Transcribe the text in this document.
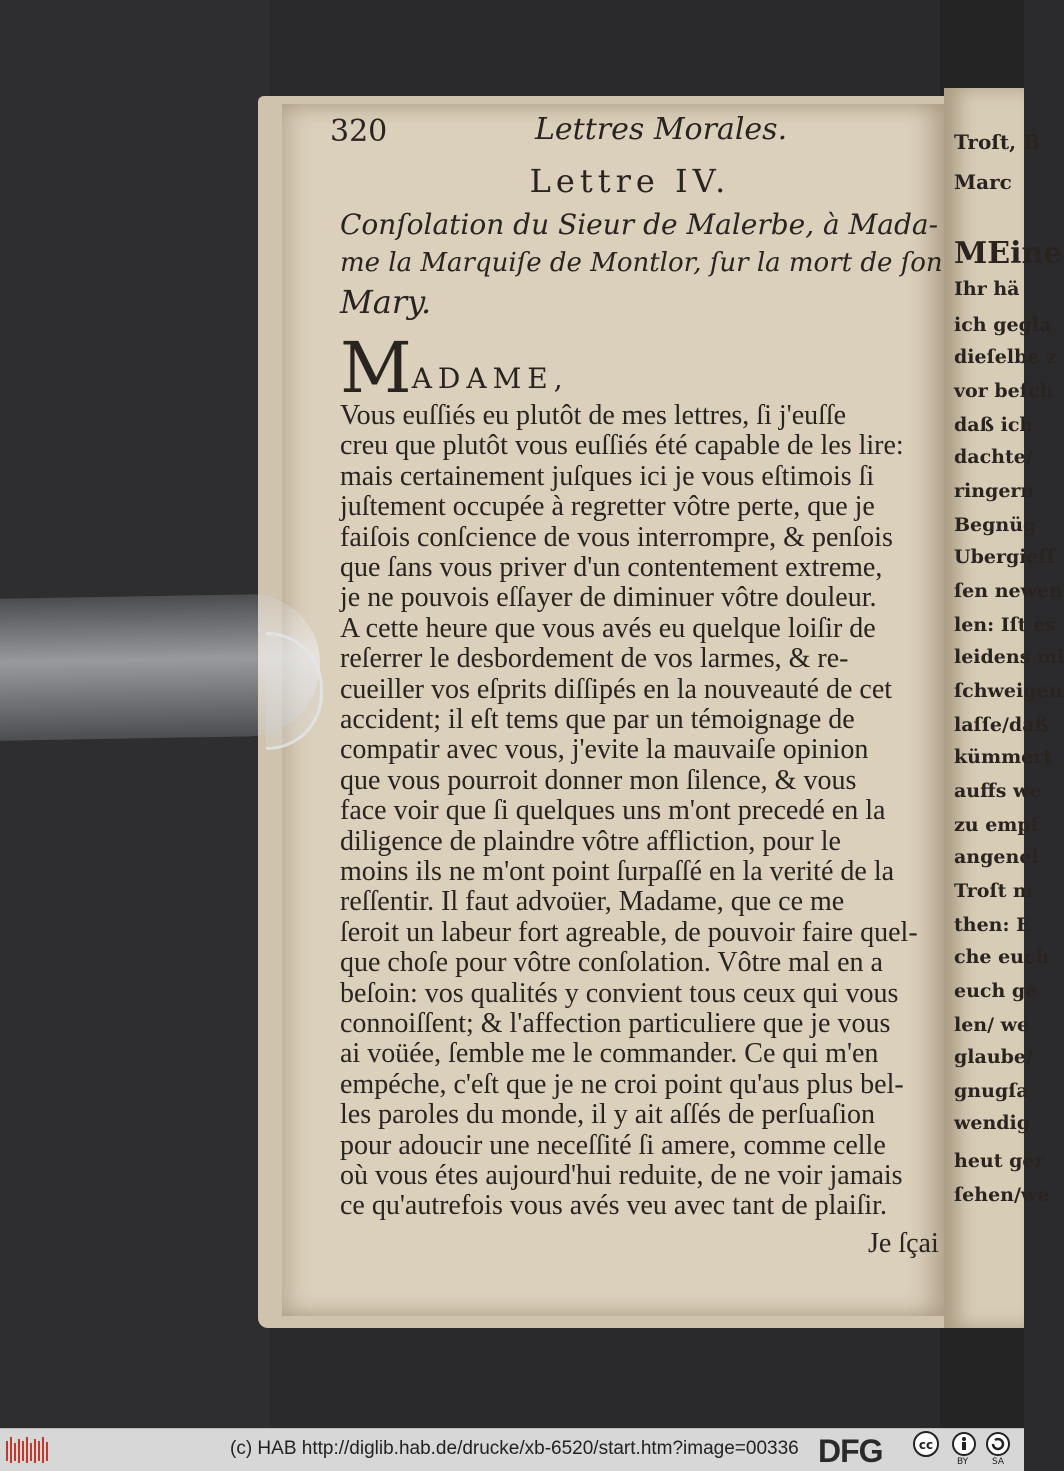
Troſt, B
Marc
MEine
Ihr hä
ich gegla
dieſelbe z
vor beſch
daß ich
dachte/
ringern
Begnüg
Ubergieſſ
ſen newen
len: Iſt es
leidens mi
ſchweigen
laſſe/daß
kümmert
auffs we
zu empf
angenel
Troſt m
then: E
che euch
euch ge
len/ we
glaube/
gnugſa
wendig
heut ger
ſehen/we
320	Lettres Morales.
Lettre IV.
Conſolation du Sieur de Malerbe, à Mada-
me la Marquiſe de Montlor, ſur la mort de ſon
Mary.
MADAME,
Vous euſſiés eu plutôt de mes lettres, ſi j'euſſe
creu que plutôt vous euſſiés été capable de les lire:
mais certainement juſques ici je vous eſtimois ſi
juſtement occupée à regretter vôtre perte, que je
faiſois conſcience de vous interrompre, & penſois
que ſans vous priver d'un contentement extreme,
je ne pouvois eſſayer de diminuer vôtre douleur.
A cette heure que vous avés eu quelque loiſir de
reſerrer le desbordement de vos larmes, & re-
cueiller vos eſprits diſſipés en la nouveauté de cet
accident; il eſt tems que par un témoignage de
compatir avec vous, j'evite la mauvaiſe opinion
que vous pourroit donner mon ſilence, & vous
face voir que ſi quelques uns m'ont precedé en la
diligence de plaindre vôtre affliction, pour le
moins ils ne m'ont point ſurpaſſé en la verité de la
reſſentir. Il faut advoüer, Madame, que ce me
ſeroit un labeur fort agreable, de pouvoir faire quel-
que choſe pour vôtre conſolation. Vôtre mal en a
beſoin: vos qualités y convient tous ceux qui vous
connoiſſent; & l'affection particuliere que je vous
ai voüée, ſemble me le commander. Ce qui m'en
empéche, c'eſt que je ne croi point qu'aus plus bel-
les paroles du monde, il y ait aſſés de perſuaſion
pour adoucir une neceſſité ſi amere, comme celle
où vous étes aujourd'hui reduite, de ne voir jamais
ce qu'autrefois vous avés veu avec tant de plaiſir.
Je ſçai
(c) HAB http://diglib.hab.de/drucke/xb-6520/start.htm?image=00336 DFG	cc
BY	SA
